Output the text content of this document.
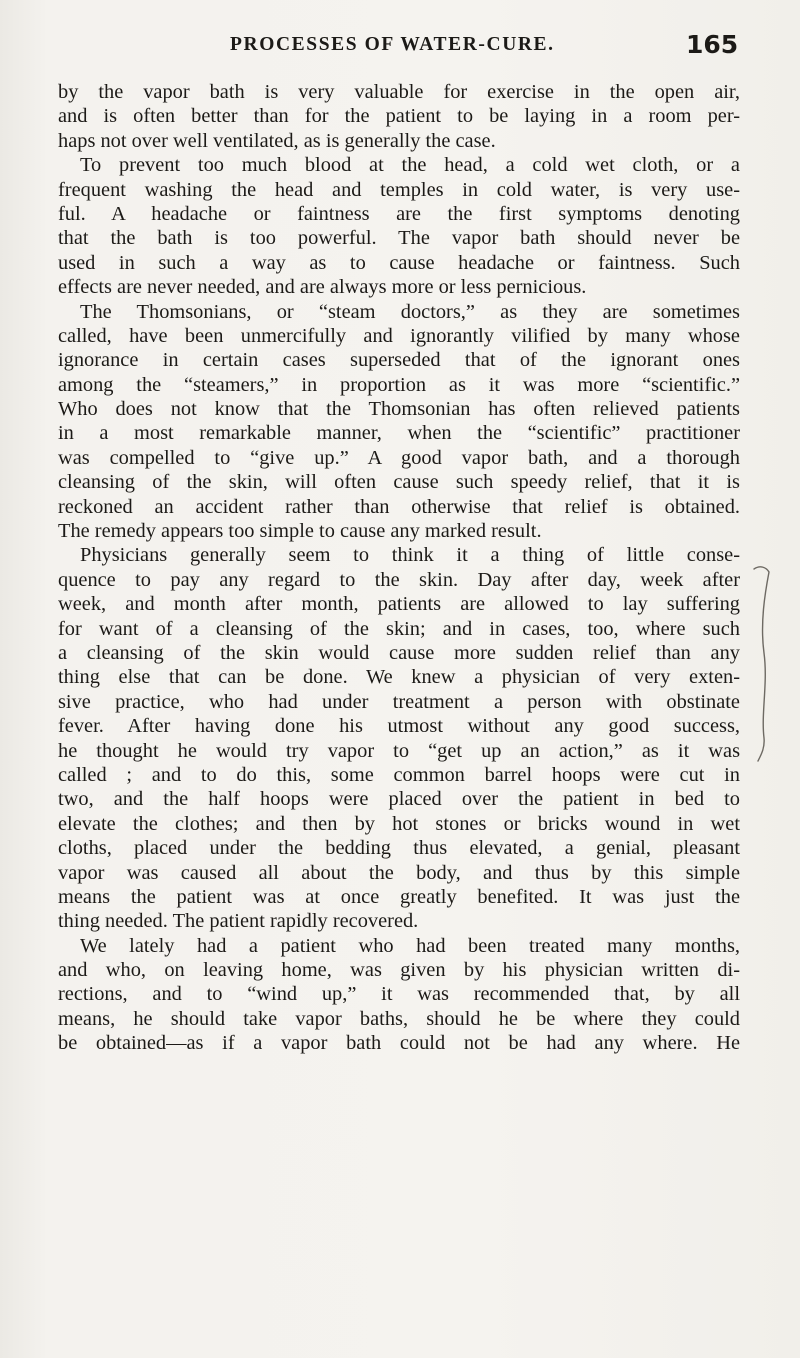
PROCESSES OF WATER-CURE.	165
by the vapor bath is very valuable for exercise in the open air,
and is often better than for the patient to be laying in a room per-
haps not over well ventilated, as is generally the case.
To prevent too much blood at the head, a cold wet cloth, or a
frequent washing the head and temples in cold water, is very use-
ful. A headache or faintness are the first symptoms denoting
that the bath is too powerful. The vapor bath should never be
used in such a way as to cause headache or faintness. Such
effects are never needed, and are always more or less pernicious.
The Thomsonians, or “steam doctors,” as they are sometimes
called, have been unmercifully and ignorantly vilified by many whose
ignorance in certain cases superseded that of the ignorant ones
among the “steamers,” in proportion as it was more “scientific.”
Who does not know that the Thomsonian has often relieved patients
in a most remarkable manner, when the “scientific” practitioner
was compelled to “give up.” A good vapor bath, and a thorough
cleansing of the skin, will often cause such speedy relief, that it is
reckoned an accident rather than otherwise that relief is obtained.
The remedy appears too simple to cause any marked result.
Physicians generally seem to think it a thing of little conse-
quence to pay any regard to the skin. Day after day, week after
week, and month after month, patients are allowed to lay suffering
for want of a cleansing of the skin; and in cases, too, where such
a cleansing of the skin would cause more sudden relief than any
thing else that can be done. We knew a physician of very exten-
sive practice, who had under treatment a person with obstinate
fever. After having done his utmost without any good success,
he thought he would try vapor to “get up an action,” as it was
called ; and to do this, some common barrel hoops were cut in
two, and the half hoops were placed over the patient in bed to
elevate the clothes; and then by hot stones or bricks wound in wet
cloths, placed under the bedding thus elevated, a genial, pleasant
vapor was caused all about the body, and thus by this simple
means the patient was at once greatly benefited. It was just the
thing needed. The patient rapidly recovered.
We lately had a patient who had been treated many months,
and who, on leaving home, was given by his physician written di-
rections, and to “wind up,” it was recommended that, by all
means, he should take vapor baths, should he be where they could
be obtained—as if a vapor bath could not be had any where. He
